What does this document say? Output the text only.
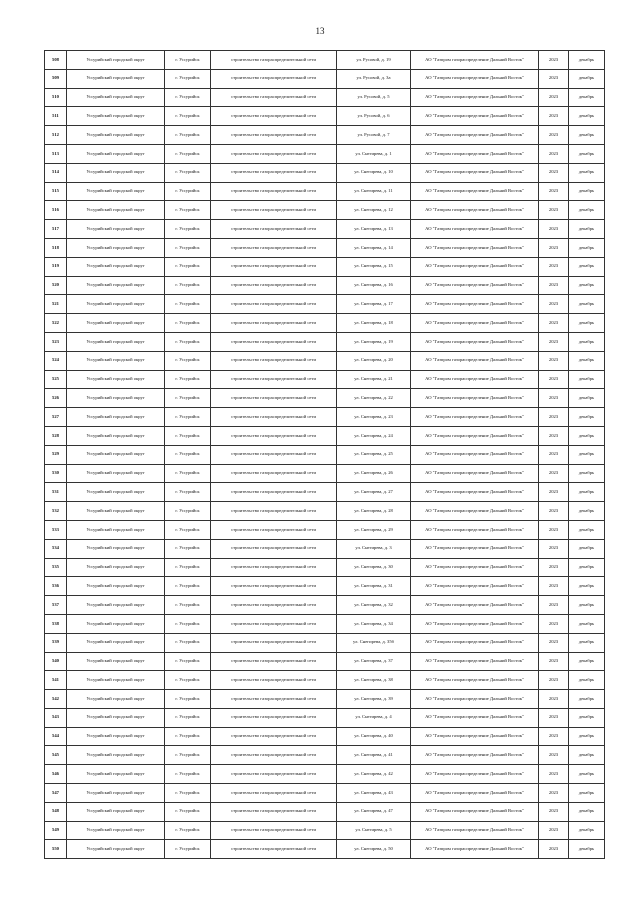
13
508	Уссурийский городской округ	г. Уссурийск	строительство газораспределительной сети	ул. Русовой, д. 19	АО "Газпром газораспределение Дальний Восток"	2023	декабрь
509	Уссурийский городской округ	г. Уссурийск	строительство газораспределительной сети	ул. Русовой, д. 3а	АО "Газпром газораспределение Дальний Восток"	2023	декабрь
510	Уссурийский городской округ	г. Уссурийск	строительство газораспределительной сети	ул. Русовой, д. 5	АО "Газпром газораспределение Дальний Восток"	2023	декабрь
511	Уссурийский городской округ	г. Уссурийск	строительство газораспределительной сети	ул. Русовой, д. 6	АО "Газпром газораспределение Дальний Восток"	2023	декабрь
512	Уссурийский городской округ	г. Уссурийск	строительство газораспределительной сети	ул. Русовой, д. 7	АО "Газпром газораспределение Дальний Восток"	2023	декабрь
513	Уссурийский городской округ	г. Уссурийск	строительство газораспределительной сети	ул. Снегирева, д. 1	АО "Газпром газораспределение Дальний Восток"	2023	декабрь
514	Уссурийский городской округ	г. Уссурийск	строительство газораспределительной сети	ул. Снегирева, д. 10	АО "Газпром газораспределение Дальний Восток"	2023	декабрь
515	Уссурийский городской округ	г. Уссурийск	строительство газораспределительной сети	ул. Снегирева, д. 11	АО "Газпром газораспределение Дальний Восток"	2023	декабрь
516	Уссурийский городской округ	г. Уссурийск	строительство газораспределительной сети	ул. Снегирева, д. 12	АО "Газпром газораспределение Дальний Восток"	2023	декабрь
517	Уссурийский городской округ	г. Уссурийск	строительство газораспределительной сети	ул. Снегирева, д. 13	АО "Газпром газораспределение Дальний Восток"	2023	декабрь
518	Уссурийский городской округ	г. Уссурийск	строительство газораспределительной сети	ул. Снегирева, д. 14	АО "Газпром газораспределение Дальний Восток"	2023	декабрь
519	Уссурийский городской округ	г. Уссурийск	строительство газораспределительной сети	ул. Снегирева, д. 15	АО "Газпром газораспределение Дальний Восток"	2023	декабрь
520	Уссурийский городской округ	г. Уссурийск	строительство газораспределительной сети	ул. Снегирева, д. 16	АО "Газпром газораспределение Дальний Восток"	2023	декабрь
521	Уссурийский городской округ	г. Уссурийск	строительство газораспределительной сети	ул. Снегирева, д. 17	АО "Газпром газораспределение Дальний Восток"	2023	декабрь
522	Уссурийский городской округ	г. Уссурийск	строительство газораспределительной сети	ул. Снегирева, д. 18	АО "Газпром газораспределение Дальний Восток"	2023	декабрь
523	Уссурийский городской округ	г. Уссурийск	строительство газораспределительной сети	ул. Снегирева, д. 19	АО "Газпром газораспределение Дальний Восток"	2023	декабрь
524	Уссурийский городской округ	г. Уссурийск	строительство газораспределительной сети	ул. Снегирева, д. 20	АО "Газпром газораспределение Дальний Восток"	2023	декабрь
525	Уссурийский городской округ	г. Уссурийск	строительство газораспределительной сети	ул. Снегирева, д. 21	АО "Газпром газораспределение Дальний Восток"	2023	декабрь
526	Уссурийский городской округ	г. Уссурийск	строительство газораспределительной сети	ул. Снегирева, д. 22	АО "Газпром газораспределение Дальний Восток"	2023	декабрь
527	Уссурийский городской округ	г. Уссурийск	строительство газораспределительной сети	ул. Снегирева, д. 23	АО "Газпром газораспределение Дальний Восток"	2023	декабрь
528	Уссурийский городской округ	г. Уссурийск	строительство газораспределительной сети	ул. Снегирева, д. 24	АО "Газпром газораспределение Дальний Восток"	2023	декабрь
529	Уссурийский городской округ	г. Уссурийск	строительство газораспределительной сети	ул. Снегирева, д. 25	АО "Газпром газораспределение Дальний Восток"	2023	декабрь
530	Уссурийский городской округ	г. Уссурийск	строительство газораспределительной сети	ул. Снегирева, д. 26	АО "Газпром газораспределение Дальний Восток"	2023	декабрь
531	Уссурийский городской округ	г. Уссурийск	строительство газораспределительной сети	ул. Снегирева, д. 27	АО "Газпром газораспределение Дальний Восток"	2023	декабрь
532	Уссурийский городской округ	г. Уссурийск	строительство газораспределительной сети	ул. Снегирева, д. 28	АО "Газпром газораспределение Дальний Восток"	2023	декабрь
533	Уссурийский городской округ	г. Уссурийск	строительство газораспределительной сети	ул. Снегирева, д. 29	АО "Газпром газораспределение Дальний Восток"	2023	декабрь
534	Уссурийский городской округ	г. Уссурийск	строительство газораспределительной сети	ул. Снегирева, д. 3	АО "Газпром газораспределение Дальний Восток"	2023	декабрь
535	Уссурийский городской округ	г. Уссурийск	строительство газораспределительной сети	ул. Снегирева, д. 30	АО "Газпром газораспределение Дальний Восток"	2023	декабрь
536	Уссурийский городской округ	г. Уссурийск	строительство газораспределительной сети	ул. Снегирева, д. 31	АО "Газпром газораспределение Дальний Восток"	2023	декабрь
537	Уссурийский городской округ	г. Уссурийск	строительство газораспределительной сети	ул. Снегирева, д. 32	АО "Газпром газораспределение Дальний Восток"	2023	декабрь
538	Уссурийский городской округ	г. Уссурийск	строительство газораспределительной сети	ул. Снегирева, д. 34	АО "Газпром газораспределение Дальний Восток"	2023	декабрь
539	Уссурийский городской округ	г. Уссурийск	строительство газораспределительной сети	ул. Снегирева, д. 35б	АО "Газпром газораспределение Дальний Восток"	2023	декабрь
540	Уссурийский городской округ	г. Уссурийск	строительство газораспределительной сети	ул. Снегирева, д. 37	АО "Газпром газораспределение Дальний Восток"	2023	декабрь
541	Уссурийский городской округ	г. Уссурийск	строительство газораспределительной сети	ул. Снегирева, д. 38	АО "Газпром газораспределение Дальний Восток"	2023	декабрь
542	Уссурийский городской округ	г. Уссурийск	строительство газораспределительной сети	ул. Снегирева, д. 39	АО "Газпром газораспределение Дальний Восток"	2023	декабрь
543	Уссурийский городской округ	г. Уссурийск	строительство газораспределительной сети	ул. Снегирева, д. 4	АО "Газпром газораспределение Дальний Восток"	2023	декабрь
544	Уссурийский городской округ	г. Уссурийск	строительство газораспределительной сети	ул. Снегирева, д. 40	АО "Газпром газораспределение Дальний Восток"	2023	декабрь
545	Уссурийский городской округ	г. Уссурийск	строительство газораспределительной сети	ул. Снегирева, д. 41	АО "Газпром газораспределение Дальний Восток"	2023	декабрь
546	Уссурийский городской округ	г. Уссурийск	строительство газораспределительной сети	ул. Снегирева, д. 42	АО "Газпром газораспределение Дальний Восток"	2023	декабрь
547	Уссурийский городской округ	г. Уссурийск	строительство газораспределительной сети	ул. Снегирева, д. 43	АО "Газпром газораспределение Дальний Восток"	2023	декабрь
548	Уссурийский городской округ	г. Уссурийск	строительство газораспределительной сети	ул. Снегирева, д. 47	АО "Газпром газораспределение Дальний Восток"	2023	декабрь
549	Уссурийский городской округ	г. Уссурийск	строительство газораспределительной сети	ул. Снегирева, д. 5	АО "Газпром газораспределение Дальний Восток"	2023	декабрь
550	Уссурийский городской округ	г. Уссурийск	строительство газораспределительной сети	ул. Снегирева, д. 50	АО "Газпром газораспределение Дальний Восток"	2023	декабрь
